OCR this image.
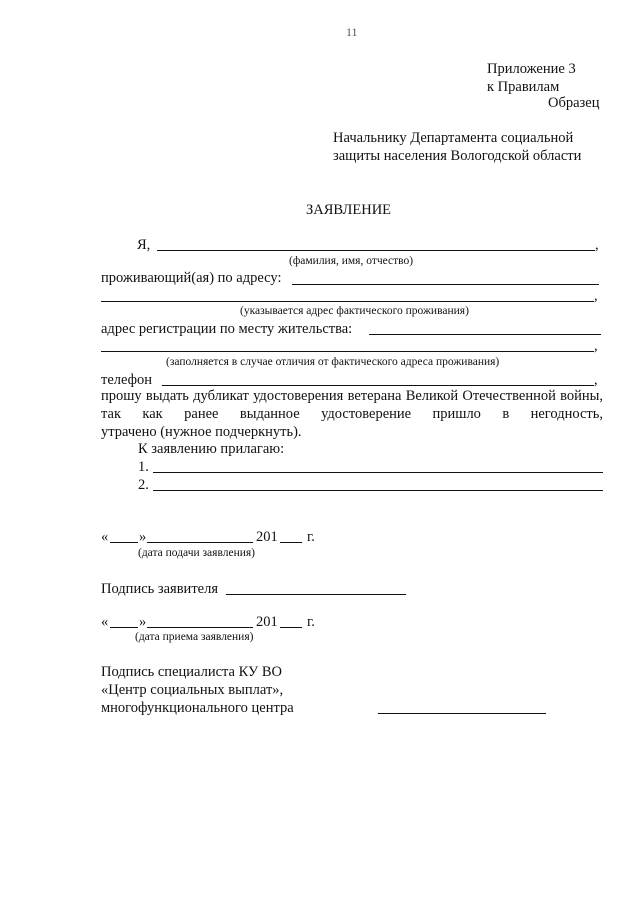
11
Приложение 3
к Правилам
Образец
Начальнику Департамента социальной
защиты населения Вологодской области
ЗАЯВЛЕНИЕ
Я,	,
(фамилия, имя, отчество)
проживающий(ая) по адресу:
,
(указывается адрес фактического проживания)
адрес регистрации по месту жительства:
,
(заполняется в случае отличия от фактического адреса проживания)
телефон	,
прошу выдать дубликат удостоверения ветерана Великой Отечественной войны, так как ранее выданное удостоверение пришло в негодность,
утрачено (нужное подчеркнуть).
К заявлению прилагаю:
1.
2.
« »	201 г.
(дата подачи заявления)
Подпись заявителя
« »	201 г.
(дата приема заявления)
Подпись специалиста КУ ВО
«Центр социальных выплат»,
многофункционального центра
